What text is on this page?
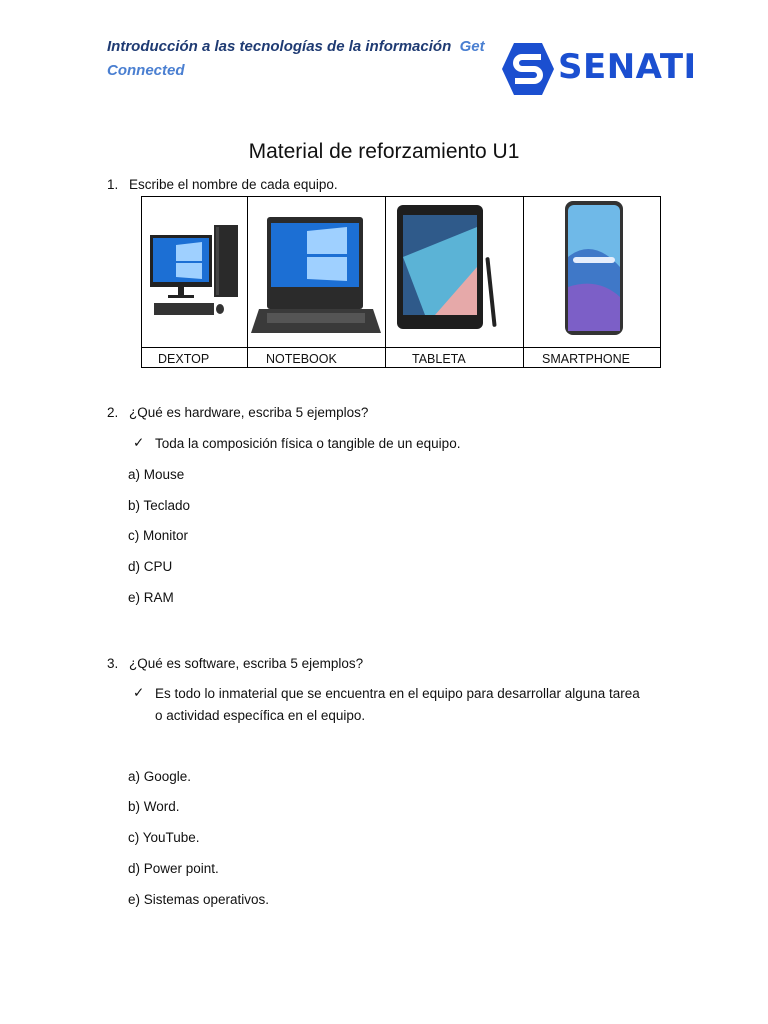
Introducción a las tecnologías de la información Get
Connected	SENATI
Material de reforzamiento U1
1. Escribe el nombre de cada equipo.
DEXTOP	NOTEBOOK	TABLETA	SMARTPHONE
2. ¿Qué es hardware, escriba 5 ejemplos?
✓ Toda la composición física o tangible de un equipo.
a) Mouse
b) Teclado
c) Monitor
d) CPU
e) RAM
3. ¿Qué es software, escriba 5 ejemplos?
✓ Es todo lo inmaterial que se encuentra en el equipo para desarrollar alguna tarea
o actividad específica en el equipo.
a) Google.
b) Word.
c) YouTube.
d) Power point.
e) Sistemas operativos.
